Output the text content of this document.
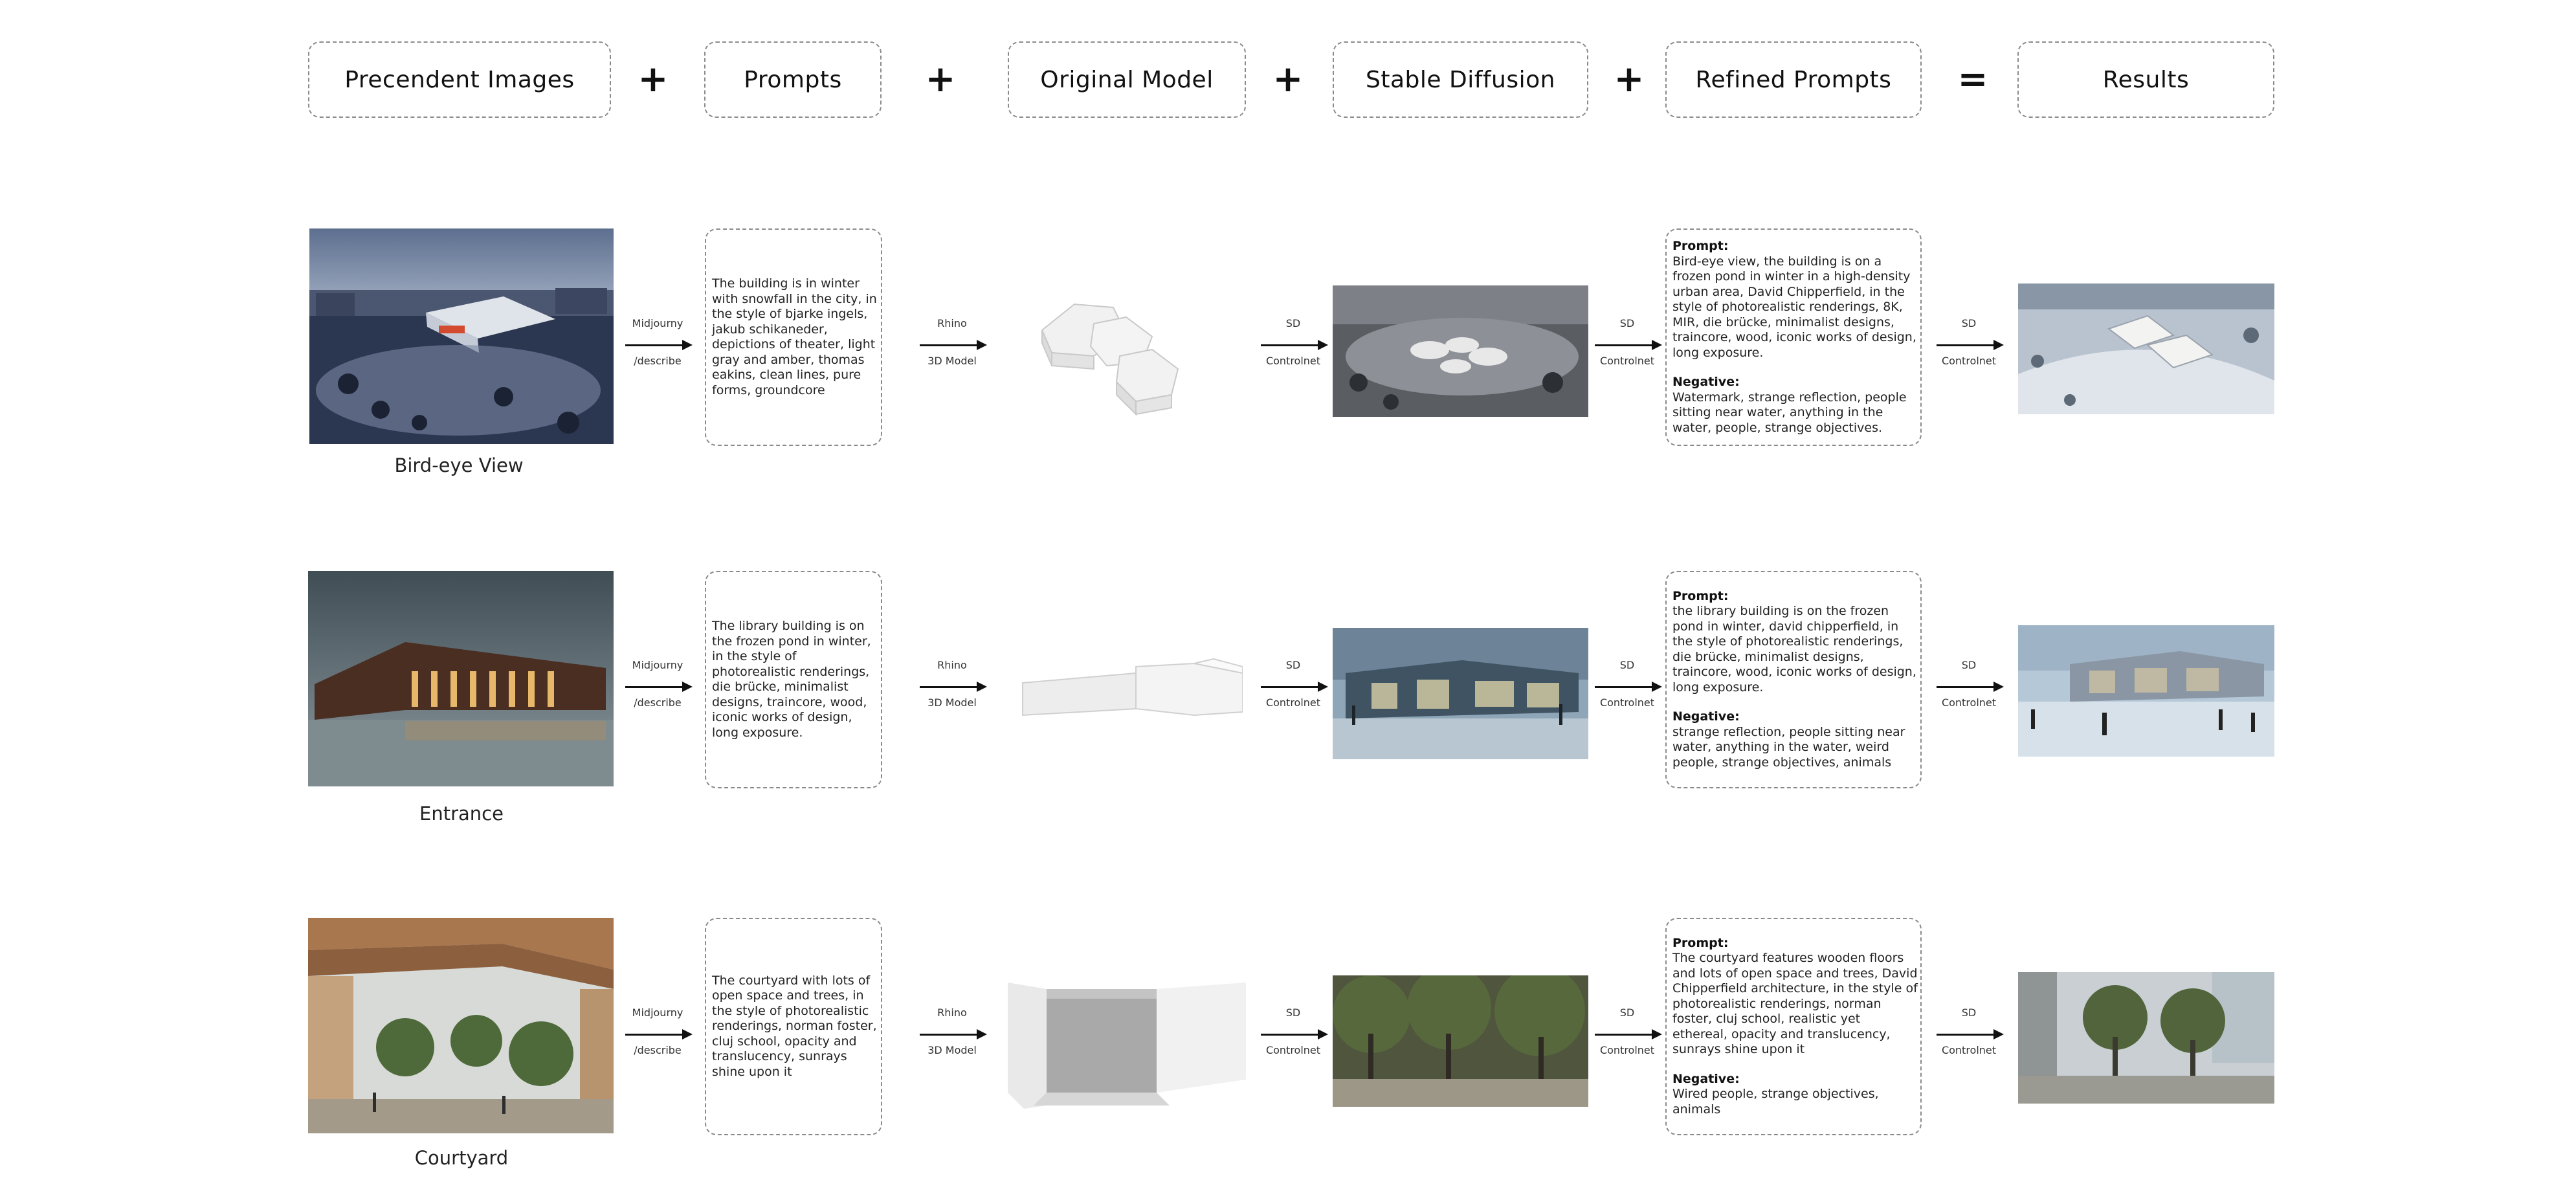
Precendent Images +	Prompts +	Original Model +	Stable Diffusion + Refined Prompts =	Results
Bird-eye View
Midjourny
/describe
The building is in winter with snowfall in the city, in the style of bjarke ingels, jakub schikaneder, depictions of theater, light gray and amber, thomas eakins, clean lines, pure forms, groundcore
Rhino
3D Model
SD
Controlnet
SD
Controlnet
Prompt:
Bird-eye view, the building is on a frozen pond in winter in a high-density urban area, David Chipperfield, in the style of photorealistic renderings, 8K, MIR, die brücke, minimalist designs, traincore, wood, iconic works of design, long exposure.
Negative:
Watermark, strange reflection, people sitting near water, anything in the water, people, strange objectives.
SD
Controlnet
Entrance
Midjourny
/describe
The library building is on the frozen pond in winter, in the style of photorealistic renderings, die brücke, minimalist designs, traincore, wood, iconic works of design, long exposure.
Rhino
3D Model
SD
Controlnet
SD
Controlnet
Prompt:
the library building is on the frozen pond in winter, david chipperfield, in the style of photorealistic renderings, die brücke, minimalist designs, traincore, wood, iconic works of design, long exposure.
Negative:
strange reflection, people sitting near water, anything in the water, weird people, strange objectives, animals
SD
Controlnet
Courtyard
Midjourny
/describe
The courtyard with lots of open space and trees, in the style of photorealistic renderings, norman foster, cluj school, opacity and translucency, sunrays shine upon it
Rhino
3D Model
SD
Controlnet
SD
Controlnet
Prompt:
The courtyard features wooden floors and lots of open space and trees, David Chipperfield architecture, in the style of photorealistic renderings, norman foster, cluj school, realistic yet ethereal, opacity and translucency, sunrays shine upon it
Negative:
Wired people, strange objectives, animals
SD
Controlnet
